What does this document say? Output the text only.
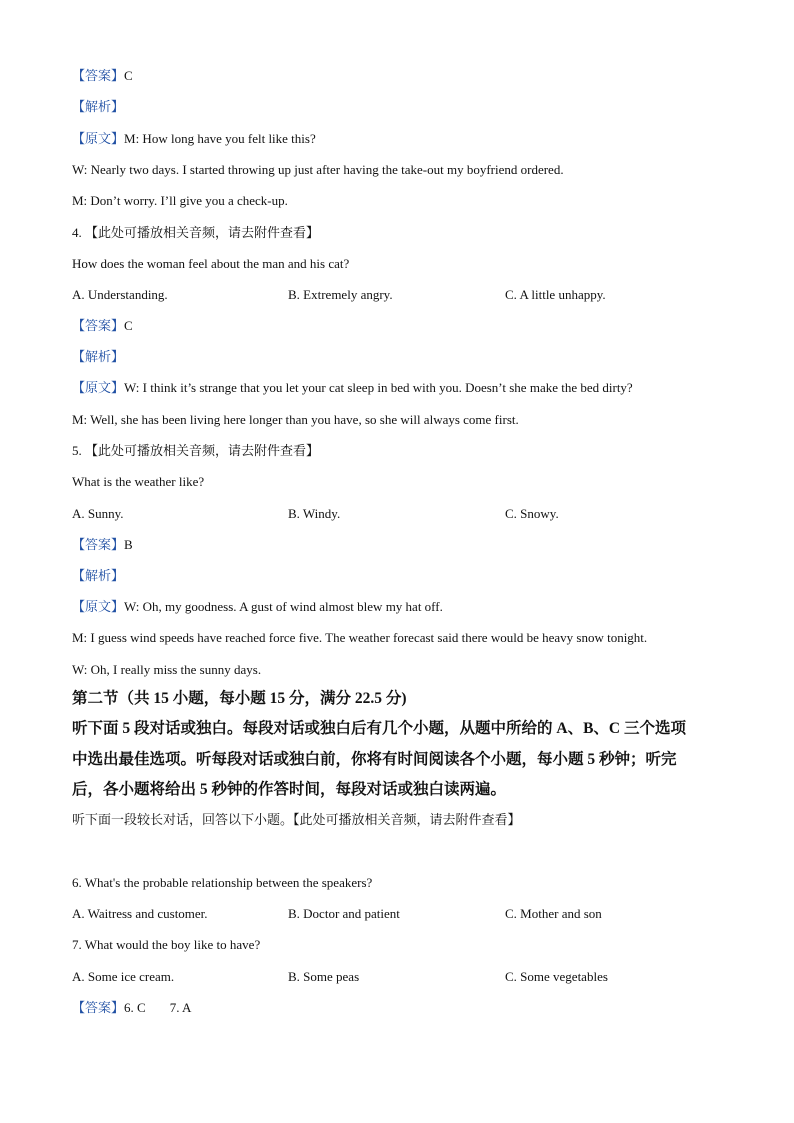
【答案】C
【解析】
【原文】M: How long have you felt like this?
W: Nearly two days. I started throwing up just after having the take-out my boyfriend ordered.
M: Don’t worry. I’ll give you a check-up.
4. 【此处可播放相关音频，请去附件查看】
How does the woman feel about the man and his cat?
A. Understanding.	B. Extremely angry.	C. A little unhappy.
【答案】C
【解析】
【原文】W: I think it’s strange that you let your cat sleep in bed with you. Doesn’t she make the bed dirty?
M: Well, she has been living here longer than you have, so she will always come first.
5. 【此处可播放相关音频，请去附件查看】
What is the weather like?
A. Sunny.	B. Windy.	C. Snowy.
【答案】B
【解析】
【原文】W: Oh, my goodness. A gust of wind almost blew my hat off.
M: I guess wind speeds have reached force five. The weather forecast said there would be heavy snow tonight.
W: Oh, I really miss the sunny days.
第二节（共 15 小题，每小题 15 分，满分 22.5 分)
听下面 5 段对话或独白。每段对话或独白后有几个小题，从题中所给的 A、B、C 三个选项
中选出最佳选项。听每段对话或独白前，你将有时间阅读各个小题，每小题 5 秒钟；听完
后，各小题将给出 5 秒钟的作答时间，每段对话或独白读两遍。
听下面一段较长对话，回答以下小题。【此处可播放相关音频，请去附件查看】
6. What's the probable relationship between the speakers?
A. Waitress and customer.	B. Doctor and patient	C. Mother and son
7. What would the boy like to have?
A. Some ice cream.	B. Some peas	C. Some vegetables
【答案】6. C 7. A
